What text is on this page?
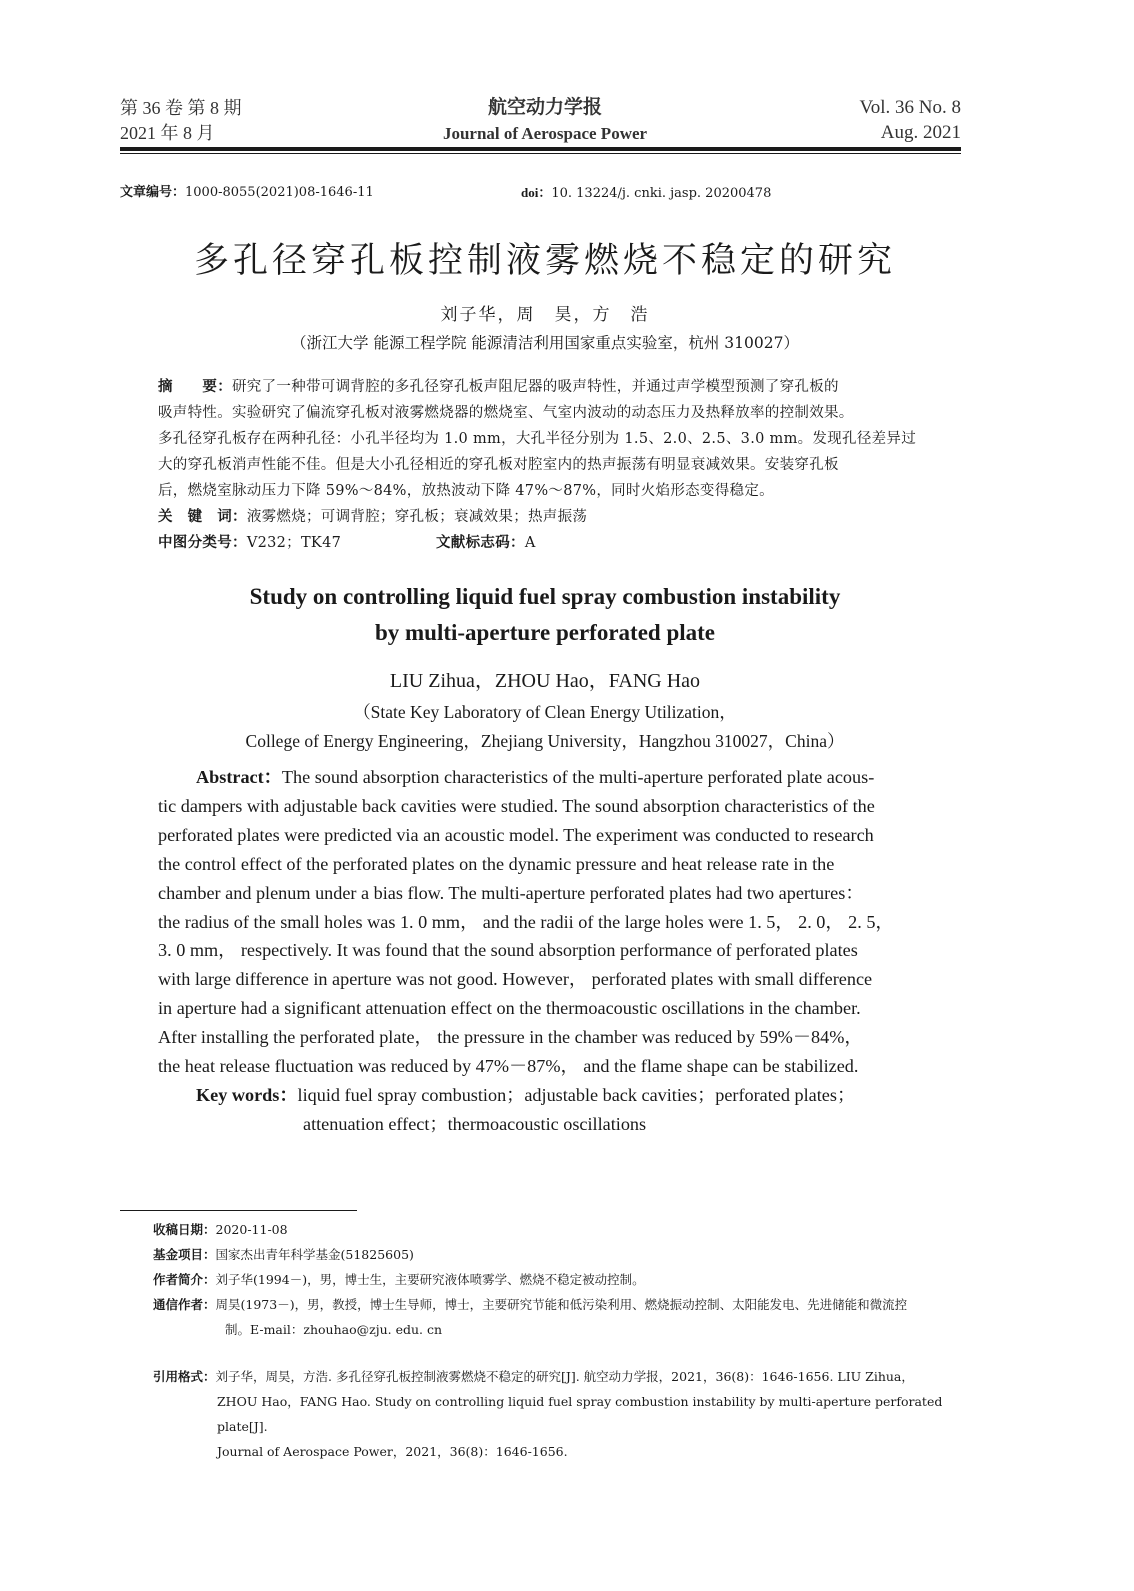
第 36 卷 第 8 期
2021 年 8 月
航空动力学报
Journal of Aerospace Power
Vol. 36 No. 8
Aug. 2021
文章编号：1000-8055(2021)08-1646-11	doi：10. 13224/j. cnki. jasp. 20200478
多孔径穿孔板控制液雾燃烧不稳定的研究
刘子华，周　昊，方　浩
（浙江大学 能源工程学院 能源清洁利用国家重点实验室，杭州 310027）
摘　　要：研究了一种带可调背腔的多孔径穿孔板声阻尼器的吸声特性，并通过声学模型预测了穿孔板的
吸声特性。实验研究了偏流穿孔板对液雾燃烧器的燃烧室、气室内波动的动态压力及热释放率的控制效果。
多孔径穿孔板存在两种孔径：小孔半径均为 1.0 mm，大孔半径分别为 1.5、2.0、2.5、3.0 mm。发现孔径差异过
大的穿孔板消声性能不佳。但是大小孔径相近的穿孔板对腔室内的热声振荡有明显衰减效果。安装穿孔板
后，燃烧室脉动压力下降 59%～84%，放热波动下降 47%～87%，同时火焰形态变得稳定。
关　键　词：液雾燃烧；可调背腔；穿孔板；衰减效果；热声振荡
中图分类号：V232；TK47	文献标志码：A
Study on controlling liquid fuel spray combustion instability
by multi-aperture perforated plate
LIU Zihua，ZHOU Hao，FANG Hao
（State Key Laboratory of Clean Energy Utilization，
College of Energy Engineering，Zhejiang University，Hangzhou 310027，China）
Abstract：The sound absorption characteristics of the multi-aperture perforated plate acous-
tic dampers with adjustable back cavities were studied. The sound absorption characteristics of the
perforated plates were predicted via an acoustic model. The experiment was conducted to research
the control effect of the perforated plates on the dynamic pressure and heat release rate in the
chamber and plenum under a bias flow. The multi-aperture perforated plates had two apertures：
the radius of the small holes was 1. 0 mm， and the radii of the large holes were 1. 5， 2. 0， 2. 5，
3. 0 mm， respectively. It was found that the sound absorption performance of perforated plates
with large difference in aperture was not good. However， perforated plates with small difference
in aperture had a significant attenuation effect on the thermoacoustic oscillations in the chamber.
After installing the perforated plate， the pressure in the chamber was reduced by 59%－84%，
the heat release fluctuation was reduced by 47%－87%， and the flame shape can be stabilized.
Key words：liquid fuel spray combustion；adjustable back cavities；perforated plates；
attenuation effect；thermoacoustic oscillations
收稿日期：2020-11-08
基金项目：国家杰出青年科学基金(51825605)
作者简介：刘子华(1994－)，男，博士生，主要研究液体喷雾学、燃烧不稳定被动控制。
通信作者：周昊(1973－)，男，教授，博士生导师，博士，主要研究节能和低污染利用、燃烧振动控制、太阳能发电、先进储能和微流控
制。E-mail：zhouhao@zju. edu. cn
引用格式：刘子华，周昊，方浩. 多孔径穿孔板控制液雾燃烧不稳定的研究[J]. 航空动力学报，2021，36(8)：1646-1656. LIU Zihua，
ZHOU Hao，FANG Hao. Study on controlling liquid fuel spray combustion instability by multi-aperture perforated plate[J].
Journal of Aerospace Power，2021，36(8)：1646-1656.
